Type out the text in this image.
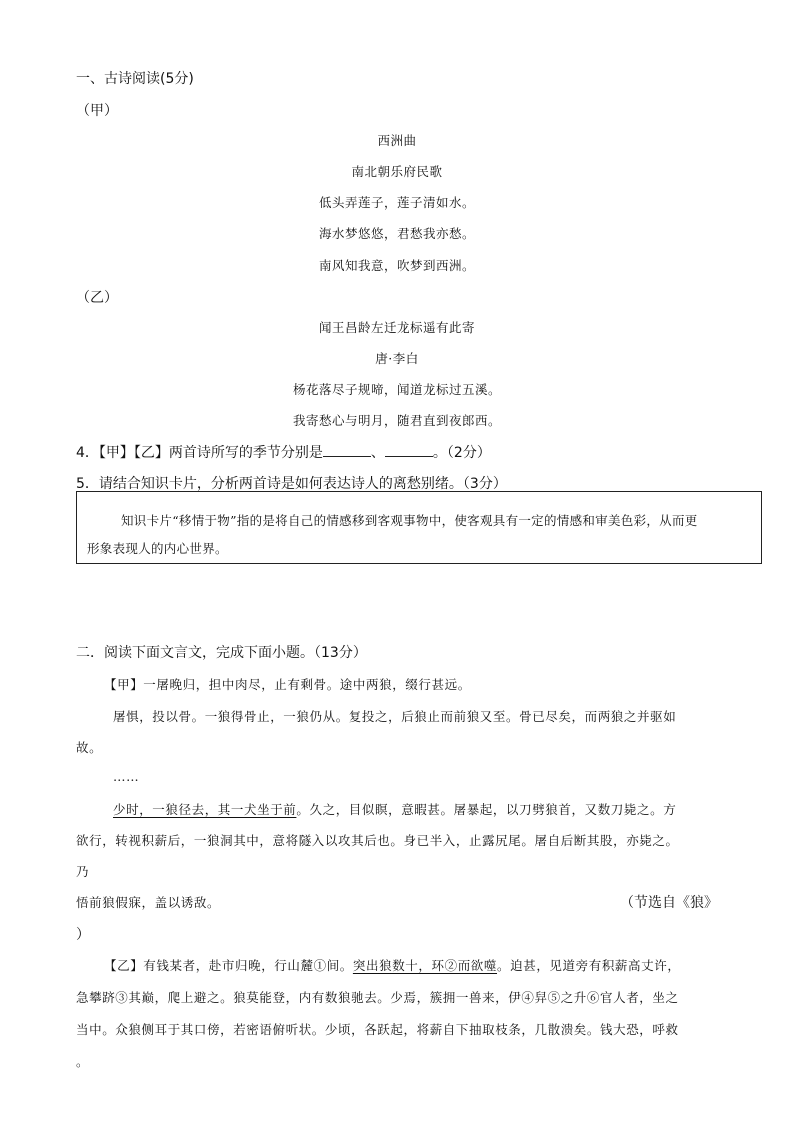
一、古诗阅读(5分)
（甲）
西洲曲
南北朝乐府民歌
低头弄莲子，莲子清如水。
海水梦悠悠，君愁我亦愁。
南风知我意，吹梦到西洲。
（乙）
闻王昌龄左迁龙标遥有此寄
唐·李白
杨花落尽子规啼，闻道龙标过五溪。
我寄愁心与明月，随君直到夜郎西。
4．【甲】【乙】两首诗所写的季节分别是	、	。（2分）
5．请结合知识卡片，分析两首诗是如何表达诗人的离愁别绪。（3分）
知识卡片“移情于物”指的是将自己的情感移到客观事物中，使客观具有一定的情感和审美色彩，从而更
形象表现人的内心世界。
二．阅读下面文言文，完成下面小题。（13分）
【甲】一屠晚归，担中肉尽，止有剩骨。途中两狼，缀行甚远。
屠惧，投以骨。一狼得骨止，一狼仍从。复投之，后狼止而前狼又至。骨已尽矣，而两狼之并驱如
故。
……
少时，一狼径去，其一犬坐于前。久之，目似瞑，意暇甚。屠暴起，以刀劈狼首，又数刀毙之。方
欲行，转视积薪后，一狼洞其中，意将隧入以攻其后也。身已半入，止露尻尾。屠自后断其股，亦毙之。
乃
悟前狼假寐，盖以诱敌。	（节选自《狼》
）
【乙】有钱某者，赴市归晚，行山麓①间。突出狼数十，环②而欲噬。迫甚，见道旁有积薪高丈许，
急攀跻③其巅，爬上避之。狼莫能登，内有数狼驰去。少焉，簇拥一兽来，伊④舁⑤之升⑥官人者，坐之
当中。众狼侧耳于其口傍，若密语俯听状。少顷，各跃起，将薪自下抽取枝条，几散溃矣。钱大恐，呼救
。
